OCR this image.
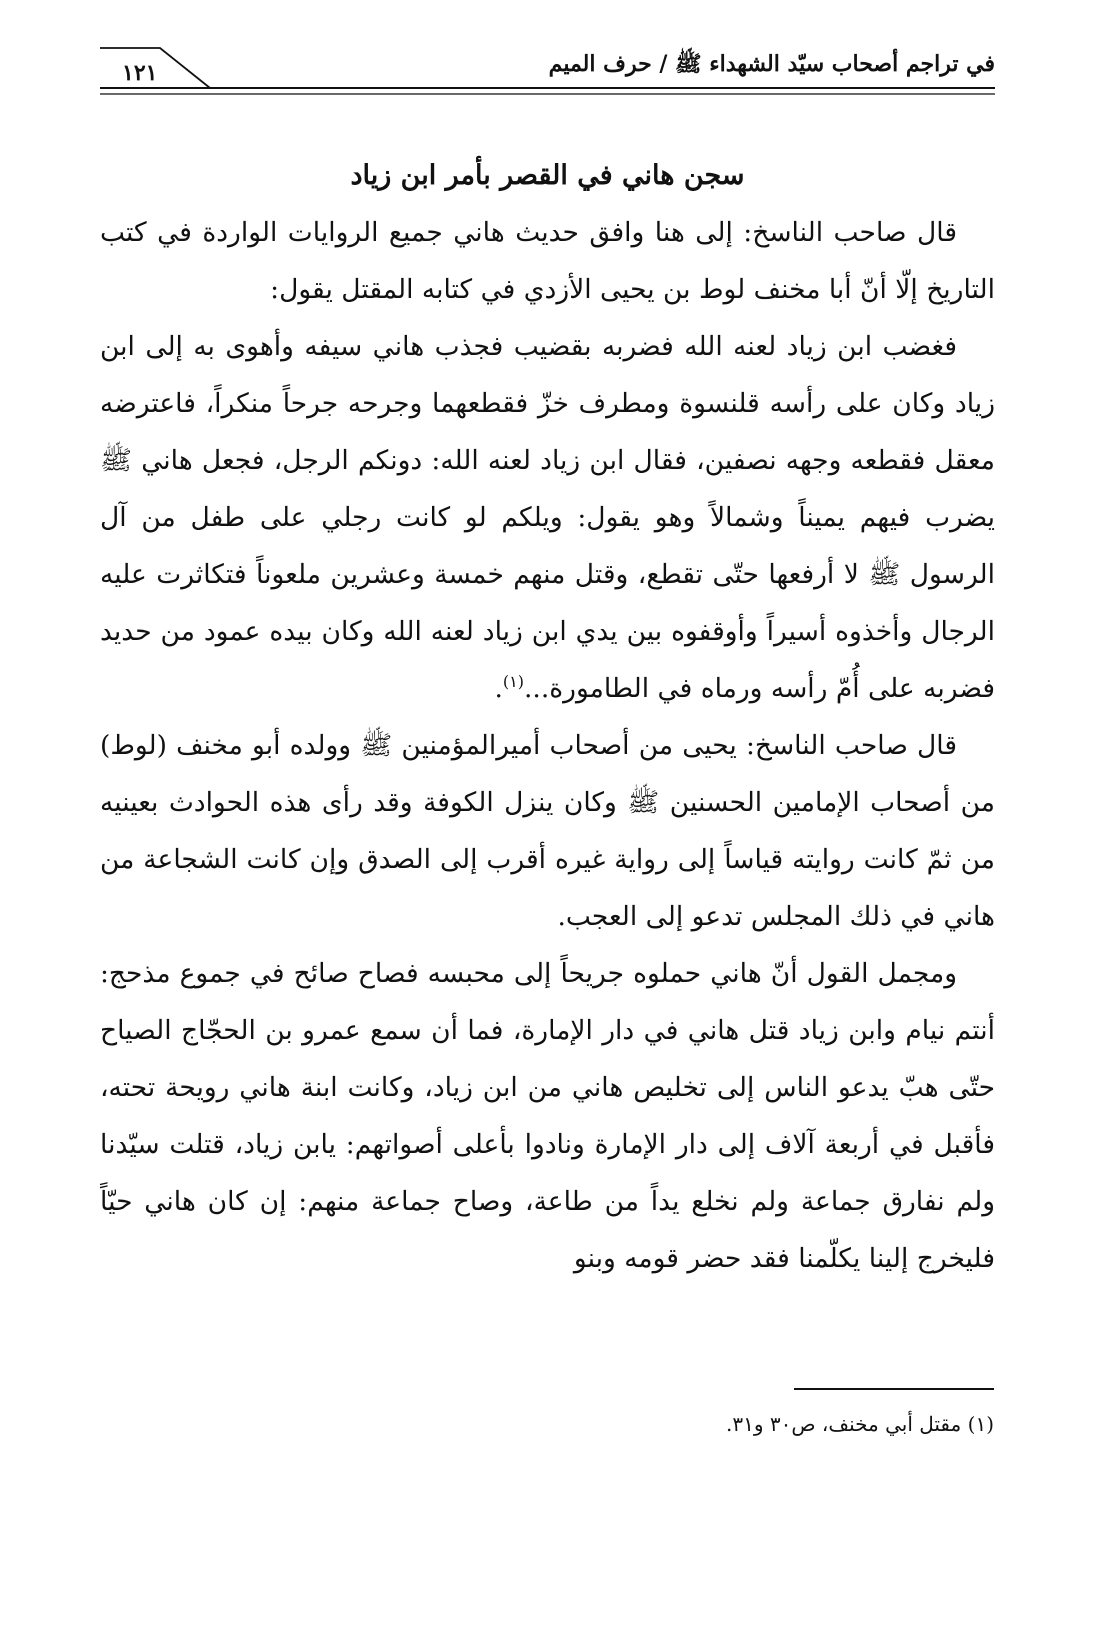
في تراجم أصحاب سيّد الشهداء ﷺ / حرف الميم
١٢١
سجن هاني في القصر بأمر ابن زياد

قال صاحب الناسخ: إلى هنا وافق حديث هاني جميع الروايات الواردة في كتب التاريخ إلّا أنّ أبا مخنف لوط بن يحيى الأزدي في كتابه المقتل يقول:

فغضب ابن زياد لعنه الله فضربه بقضيب فجذب هاني سيفه وأهوى به إلى ابن زياد وكان على رأسه قلنسوة ومطرف خزّ فقطعهما وجرحه جرحاً منكراً، فاعترضه معقل فقطعه وجهه نصفين، فقال ابن زياد لعنه الله: دونكم الرجل، فجعل هاني ﷺ يضرب فيهم يميناً وشمالاً وهو يقول: ويلكم لو كانت رجلي على طفل من آل الرسول ﷺ لا أرفعها حتّى تقطع، وقتل منهم خمسة وعشرين ملعوناً فتكاثرت عليه الرجال وأخذوه أسيراً وأوقفوه بين يدي ابن زياد لعنه الله وكان بيده عمود من حديد فضربه على أُمّ رأسه ورماه في الطامورة...$^{(١)}$.

قال صاحب الناسخ: يحيى من أصحاب أميرالمؤمنين ﷺ وولده أبو مخنف (لوط) من أصحاب الإمامين الحسنين ﷺ وكان ينزل الكوفة وقد رأى هذه الحوادث بعينيه من ثمّ كانت روايته قياساً إلى رواية غيره أقرب إلى الصدق وإن كانت الشجاعة من هاني في ذلك المجلس تدعو إلى العجب.

ومجمل القول أنّ هاني حملوه جريحاً إلى محبسه فصاح صائح في جموع مذحج: أنتم نيام وابن زياد قتل هاني في دار الإمارة، فما أن سمع عمرو بن الحجّاج الصياح حتّى هبّ يدعو الناس إلى تخليص هاني من ابن زياد، وكانت ابنة هاني رويحة تحته، فأقبل في أربعة آلاف إلى دار الإمارة ونادوا بأعلى أصواتهم: يابن زياد، قتلت سيّدنا ولم نفارق جماعة ولم نخلع يداً من طاعة، وصاح جماعة منهم: إن كان هاني حيّاً فليخرج إلينا يكلّمنا فقد حضر قومه وبنو

(١) مقتل أبي مخنف، ص٣٠ و٣١.
